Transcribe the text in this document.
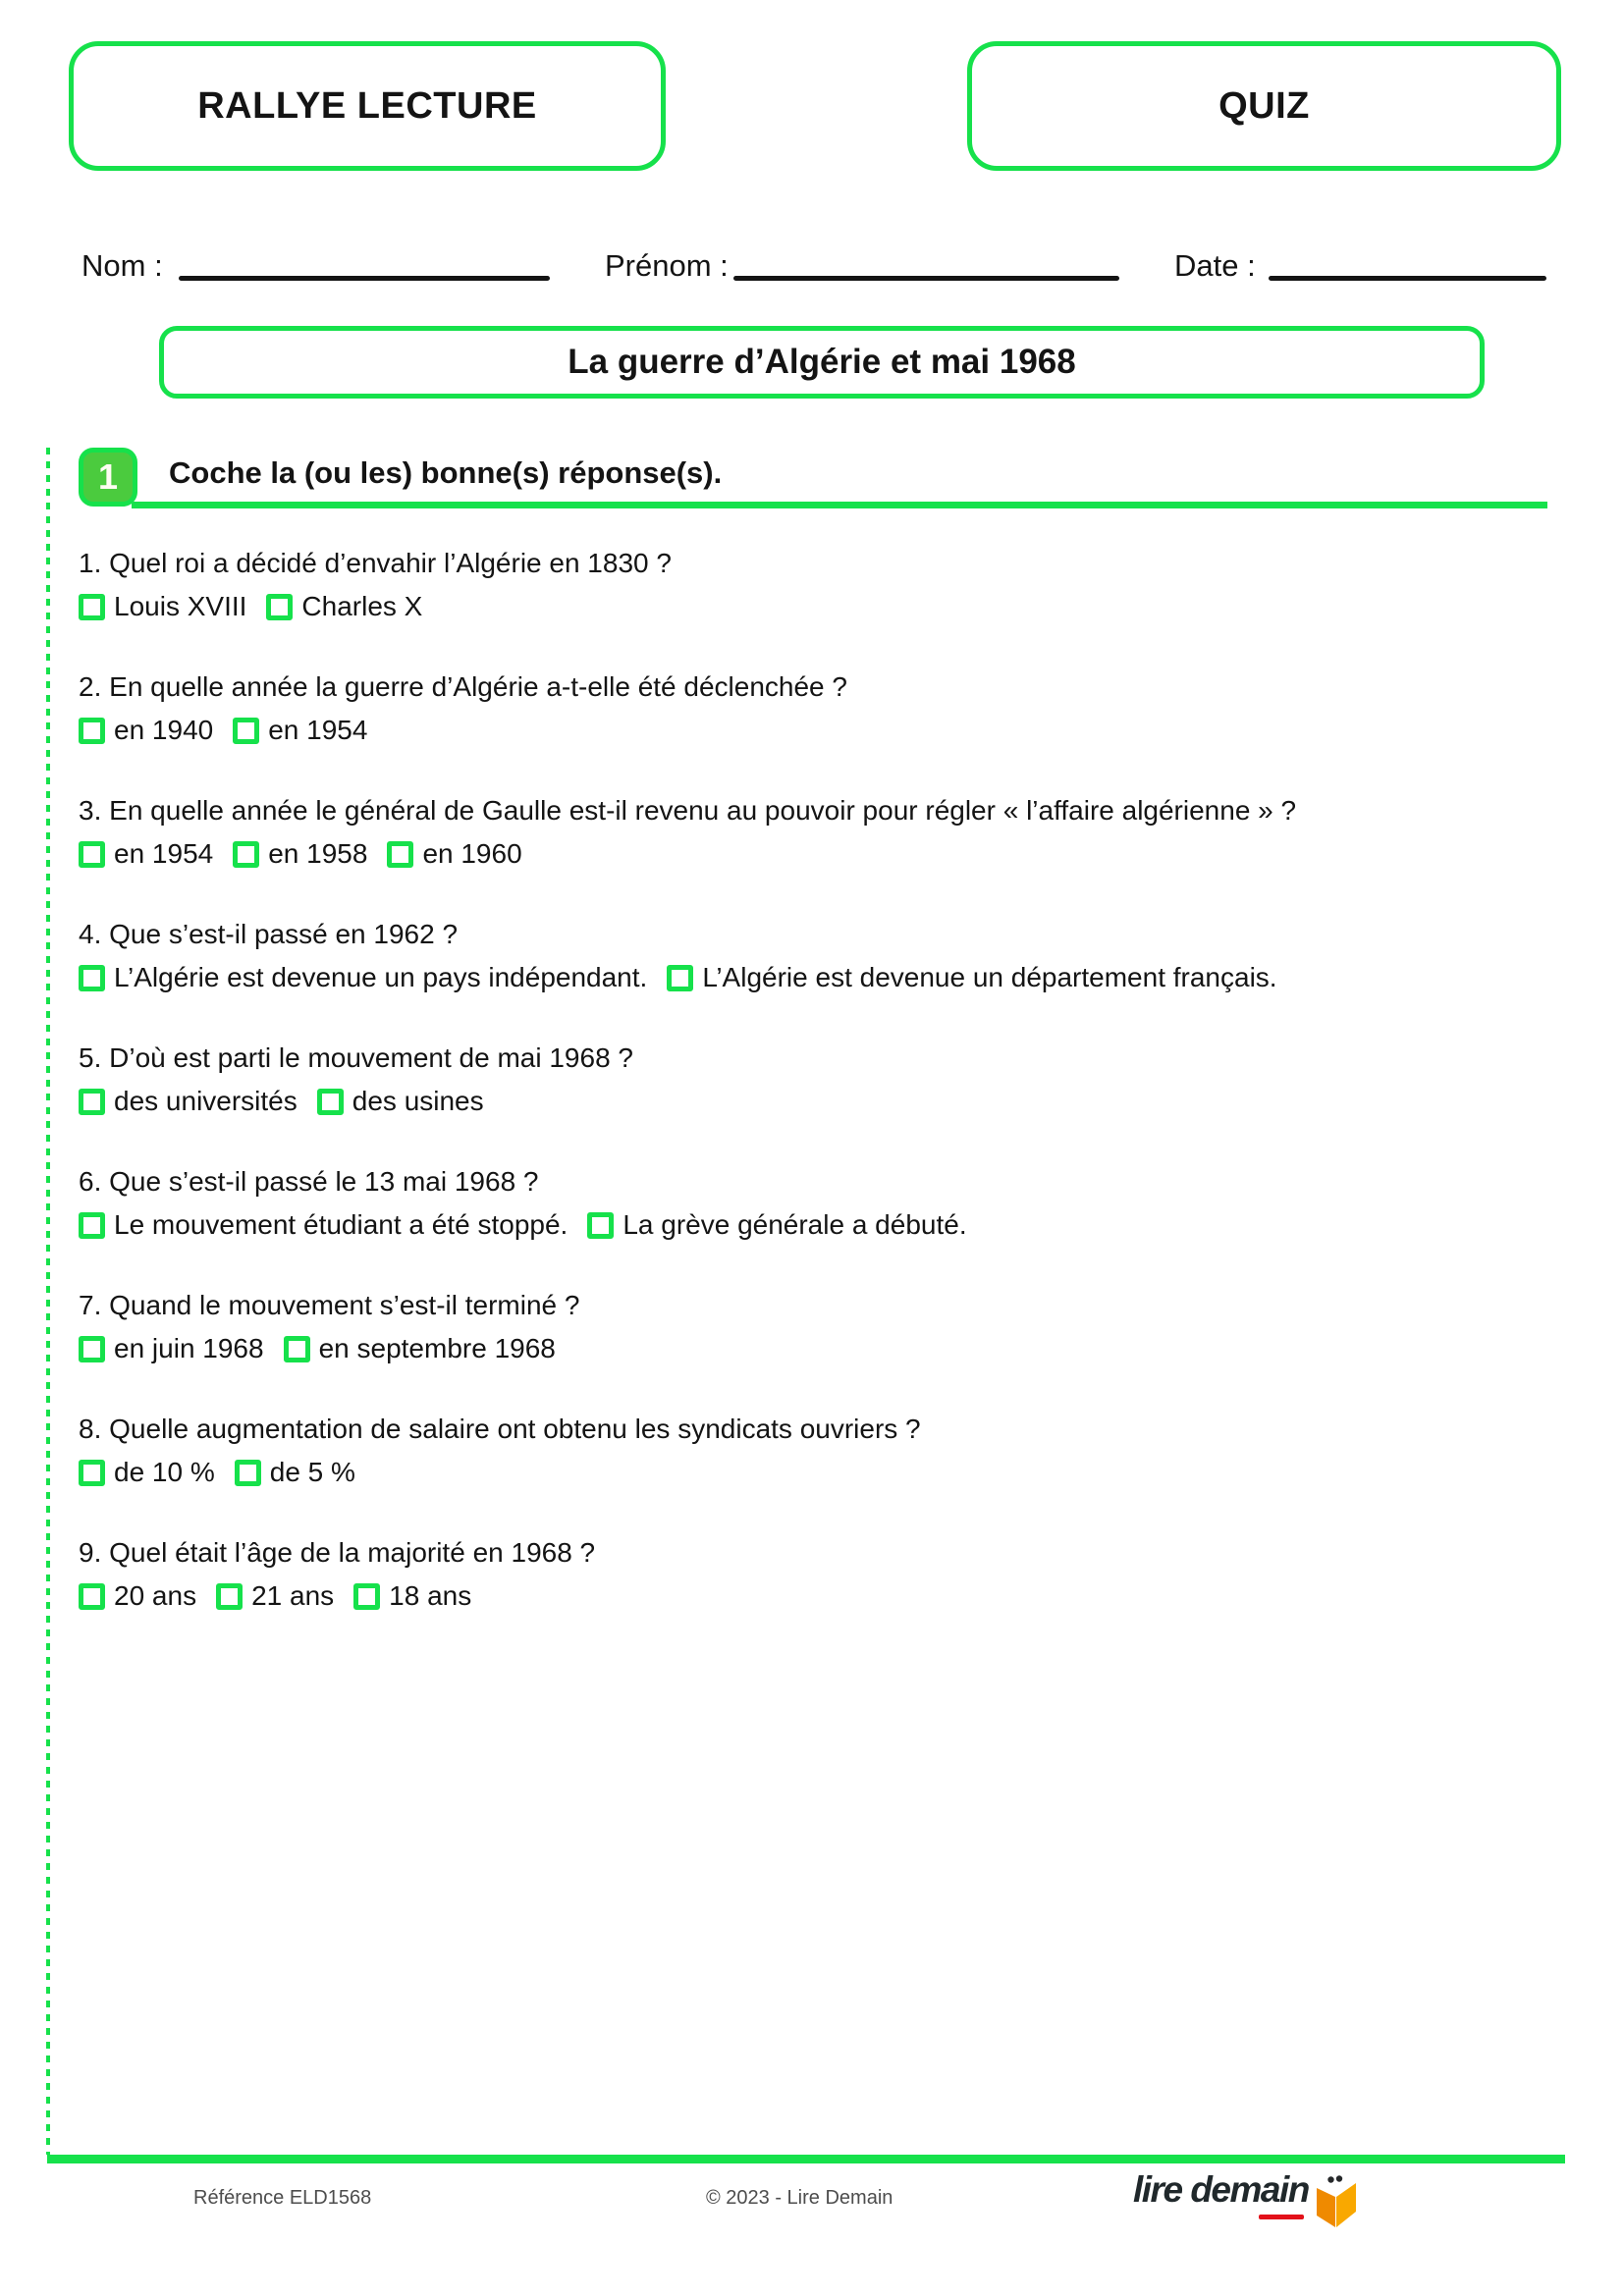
RALLYE LECTURE	QUIZ
Nom :	Prénom :	Date :
La guerre d’Algérie et mai 1968
1 Coche la (ou les) bonne(s) réponse(s).
1. Quel roi a décidé d’envahir l’Algérie en 1830 ?
Louis XVIII Charles X
2. En quelle année la guerre d’Algérie a-t-elle été déclenchée ?
en 1940 en 1954
3. En quelle année le général de Gaulle est-il revenu au pouvoir pour régler « l’affaire algérienne » ?
en 1954 en 1958 en 1960
4. Que s’est-il passé en 1962 ?
L’Algérie est devenue un pays indépendant. L’Algérie est devenue un département français.
5. D’où est parti le mouvement de mai 1968 ?
des universités des usines
6. Que s’est-il passé le 13 mai 1968 ?
Le mouvement étudiant a été stoppé. La grève générale a débuté.
7. Quand le mouvement s’est-il terminé ?
en juin 1968 en septembre 1968
8. Quelle augmentation de salaire ont obtenu les syndicats ouvriers ?
de 10 % de 5 %
9. Quel était l’âge de la majorité en 1968 ?
20 ans 21 ans 18 ans
Référence ELD1568	© 2023 - Lire Demain	lire demain
